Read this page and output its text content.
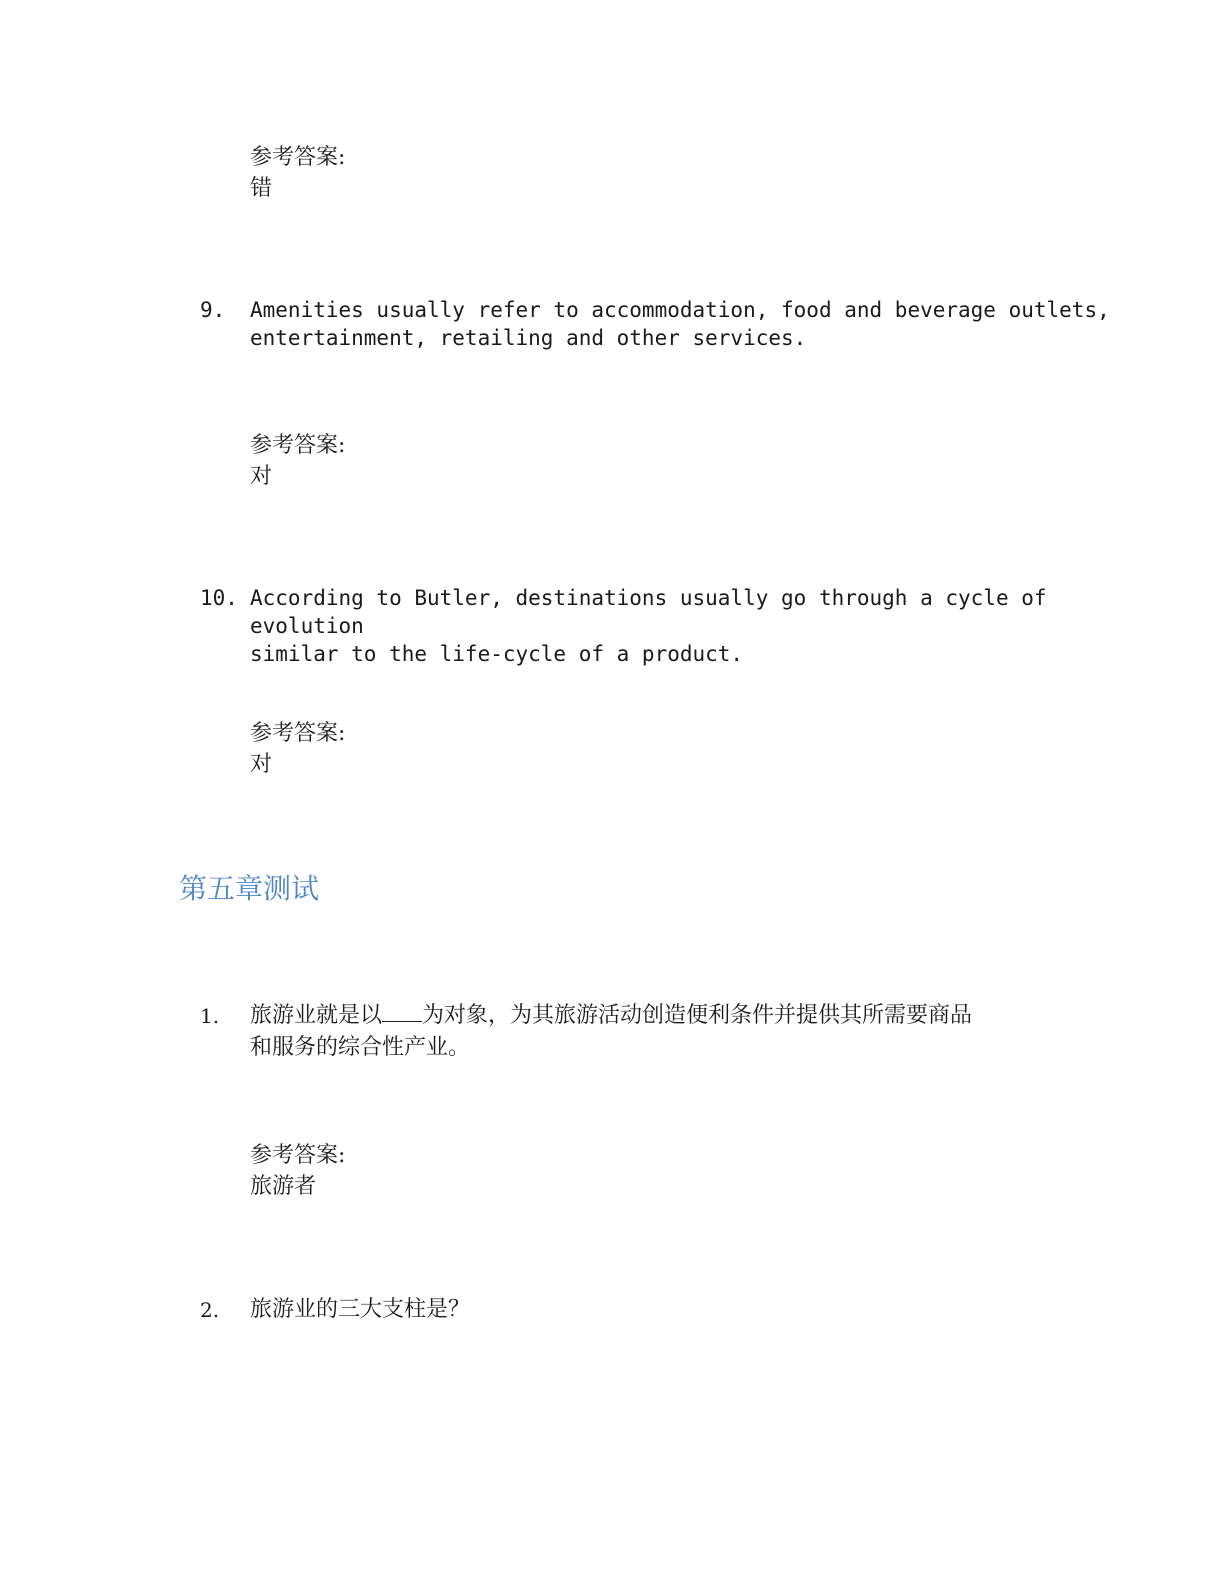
参考答案:
错
9.	Amenities usually refer to accommodation, food and beverage outlets,
entertainment, retailing and other services.
参考答案:
对
10. According to Butler, destinations usually go through a cycle of evolution
similar to the life-cycle of a product.
参考答案:
对
第五章测试
1.	旅游业就是以 为对象，为其旅游活动创造便利条件并提供其所需要商品
和服务的综合性产业。
参考答案:
旅游者
2.	旅游业的三大支柱是？
